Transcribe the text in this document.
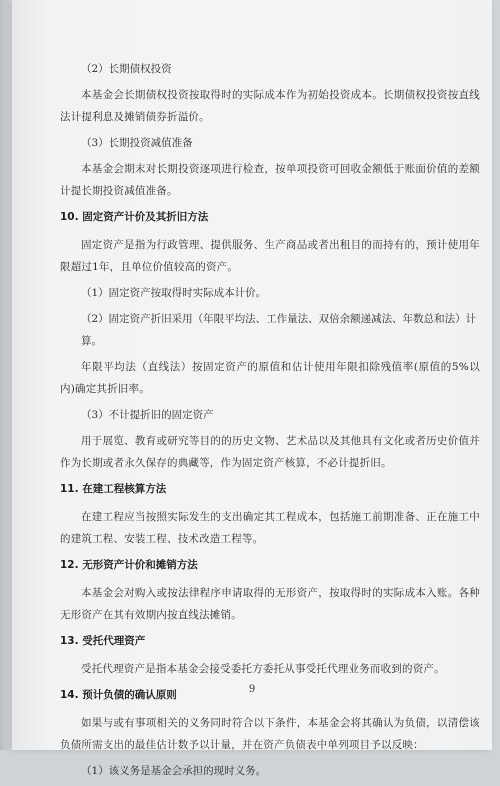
（2）长期债权投资
本基金会长期债权投资按取得时的实际成本作为初始投资成本。长期债权投资按直线法计提利息及摊销债券折溢价。
（3）长期投资减值准备
本基金会期末对长期投资逐项进行检查，按单项投资可回收金额低于账面价值的差额计提长期投资减值准备。
10. 固定资产计价及其折旧方法
固定资产是指为行政管理、提供服务、生产商品或者出租目的而持有的，预计使用年限超过1年，且单位价值较高的资产。
（1）固定资产按取得时实际成本计价。
（2）固定资产折旧采用（年限平均法、工作量法、双倍余额递减法、年数总和法）计算。
年限平均法（直线法）按固定资产的原值和估计使用年限扣除残值率(原值的5%以内)确定其折旧率。
（3）不计提折旧的固定资产
用于展览、教育或研究等目的的历史文物、艺术品以及其他具有文化或者历史价值并作为长期或者永久保存的典藏等，作为固定资产核算，不必计提折旧。
11. 在建工程核算方法
在建工程应当按照实际发生的支出确定其工程成本，包括施工前期准备、正在施工中的建筑工程、安装工程、技术改造工程等。
12. 无形资产计价和摊销方法
本基金会对购入或按法律程序申请取得的无形资产，按取得时的实际成本入账。各种无形资产在其有效期内按直线法摊销。
13. 受托代理资产
受托代理资产是指本基金会接受委托方委托从事受托代理业务而收到的资产。
14. 预计负债的确认原则
如果与或有事项相关的义务同时符合以下条件，本基金会将其确认为负债，以清偿该负债所需支出的最佳估计数予以计量，并在资产负债表中单列项目予以反映：
（1）该义务是基金会承担的现时义务。
9
